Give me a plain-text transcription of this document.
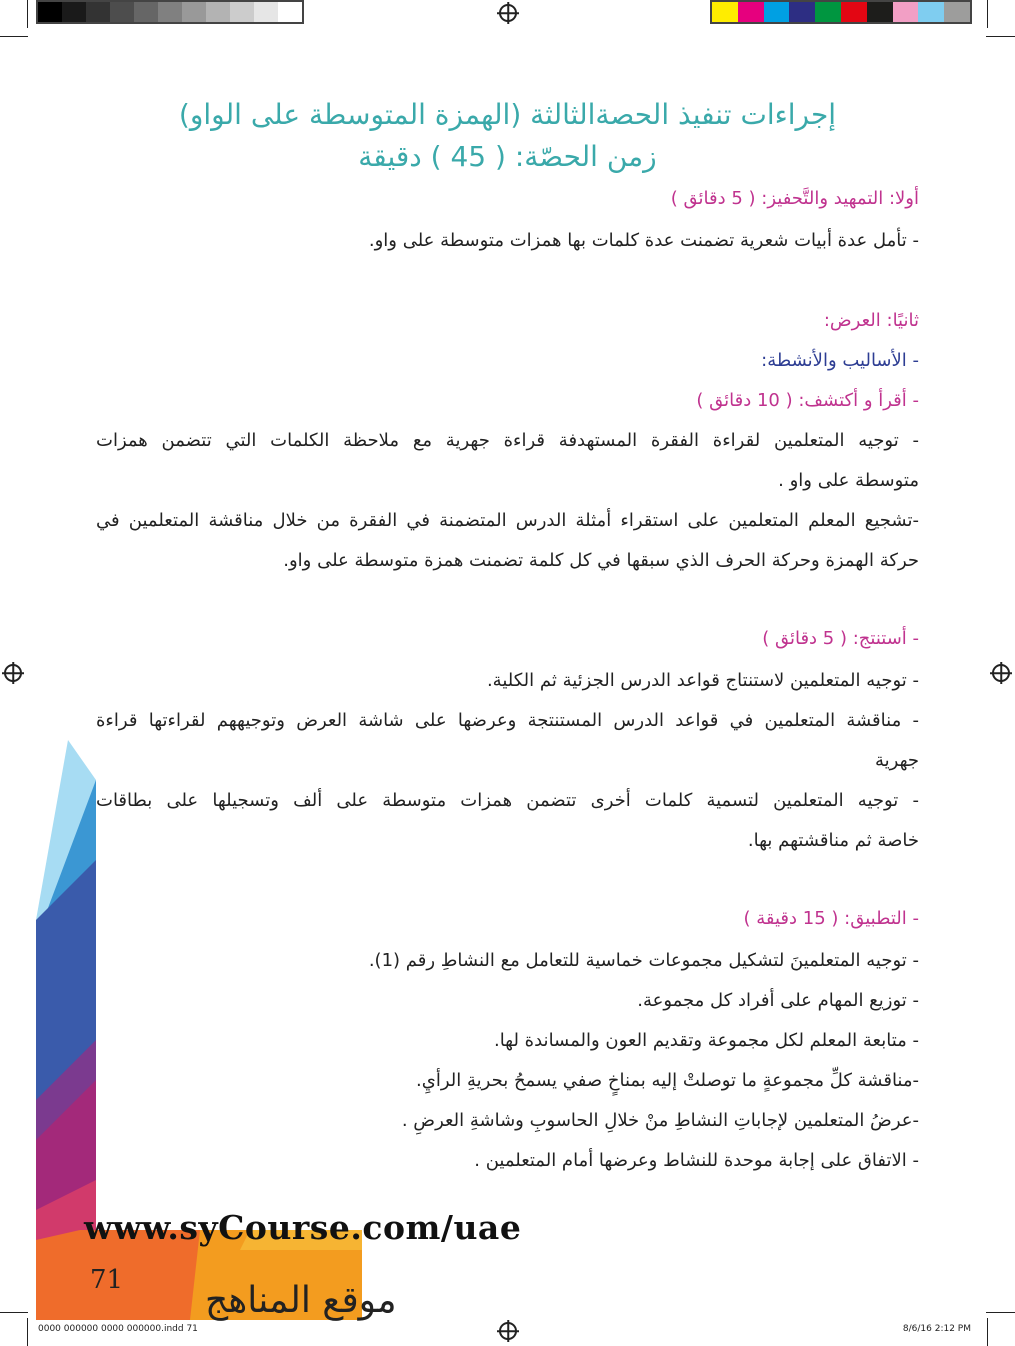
إجراءات تنفيذ الحصةالثالثة (الهمزة المتوسطة على الواو)
زمن الحصّة: ( 45 ) دقيقة
أولا: التمهيد والتَّحفيز: ( 5 دقائق )
- تأمل عدة أبيات شعرية تضمنت عدة كلمات بها همزات متوسطة على واو.
ثانيًا: العرض:
- الأساليب والأنشطة:
- أقرأ و أكتشف: ( 10 دقائق )
- توجيه المتعلمين لقراءة الفقرة المستهدفة قراءة جهرية مع ملاحظة الكلمات التي تتضمن همزات
متوسطة على واو .
-تشجيع المعلم المتعلمين على استقراء أمثلة الدرس المتضمنة في الفقرة من خلال مناقشة المتعلمين في
حركة الهمزة وحركة الحرف الذي سبقها في كل كلمة تضمنت همزة متوسطة على واو.
- أستنتج: ( 5 دقائق )
- توجيه المتعلمين لاستنتاج قواعد الدرس الجزئية ثم الكلية.
- مناقشة المتعلمين في قواعد الدرس المستنتجة وعرضها على شاشة العرض وتوجيههم لقراءتها قراءة
جهرية
- توجيه المتعلمين لتسمية كلمات أخرى تتضمن همزات متوسطة على ألف وتسجيلها على بطاقات
خاصة ثم مناقشتهم بها.
- التطبيق: ( 15 دقيقة )
- توجيه المتعلمينَ لتشكيل مجموعات خماسية للتعامل مع النشاطِ رقم (1).
- توزيع المهام على أفراد كل مجموعة.
- متابعة المعلم لكل مجموعة وتقديم العون والمساندة لها.
-مناقشة كلِّ مجموعةٍ ما توصلتْ إليه بمناخٍ صفي يسمحُ بحريةِ الرأيِ.
-عرضُ المتعلمين لإجاباتِ النشاطِ منْ خلالِ الحاسوبِ وشاشةِ العرضِ .
- الاتفاق على إجابة موحدة للنشاط وعرضها أمام المتعلمين .
www.syCourse.com/uae
71 موقع المناهج
0000 000000 0000 000000.indd 71	8/6/16 2:12 PM
